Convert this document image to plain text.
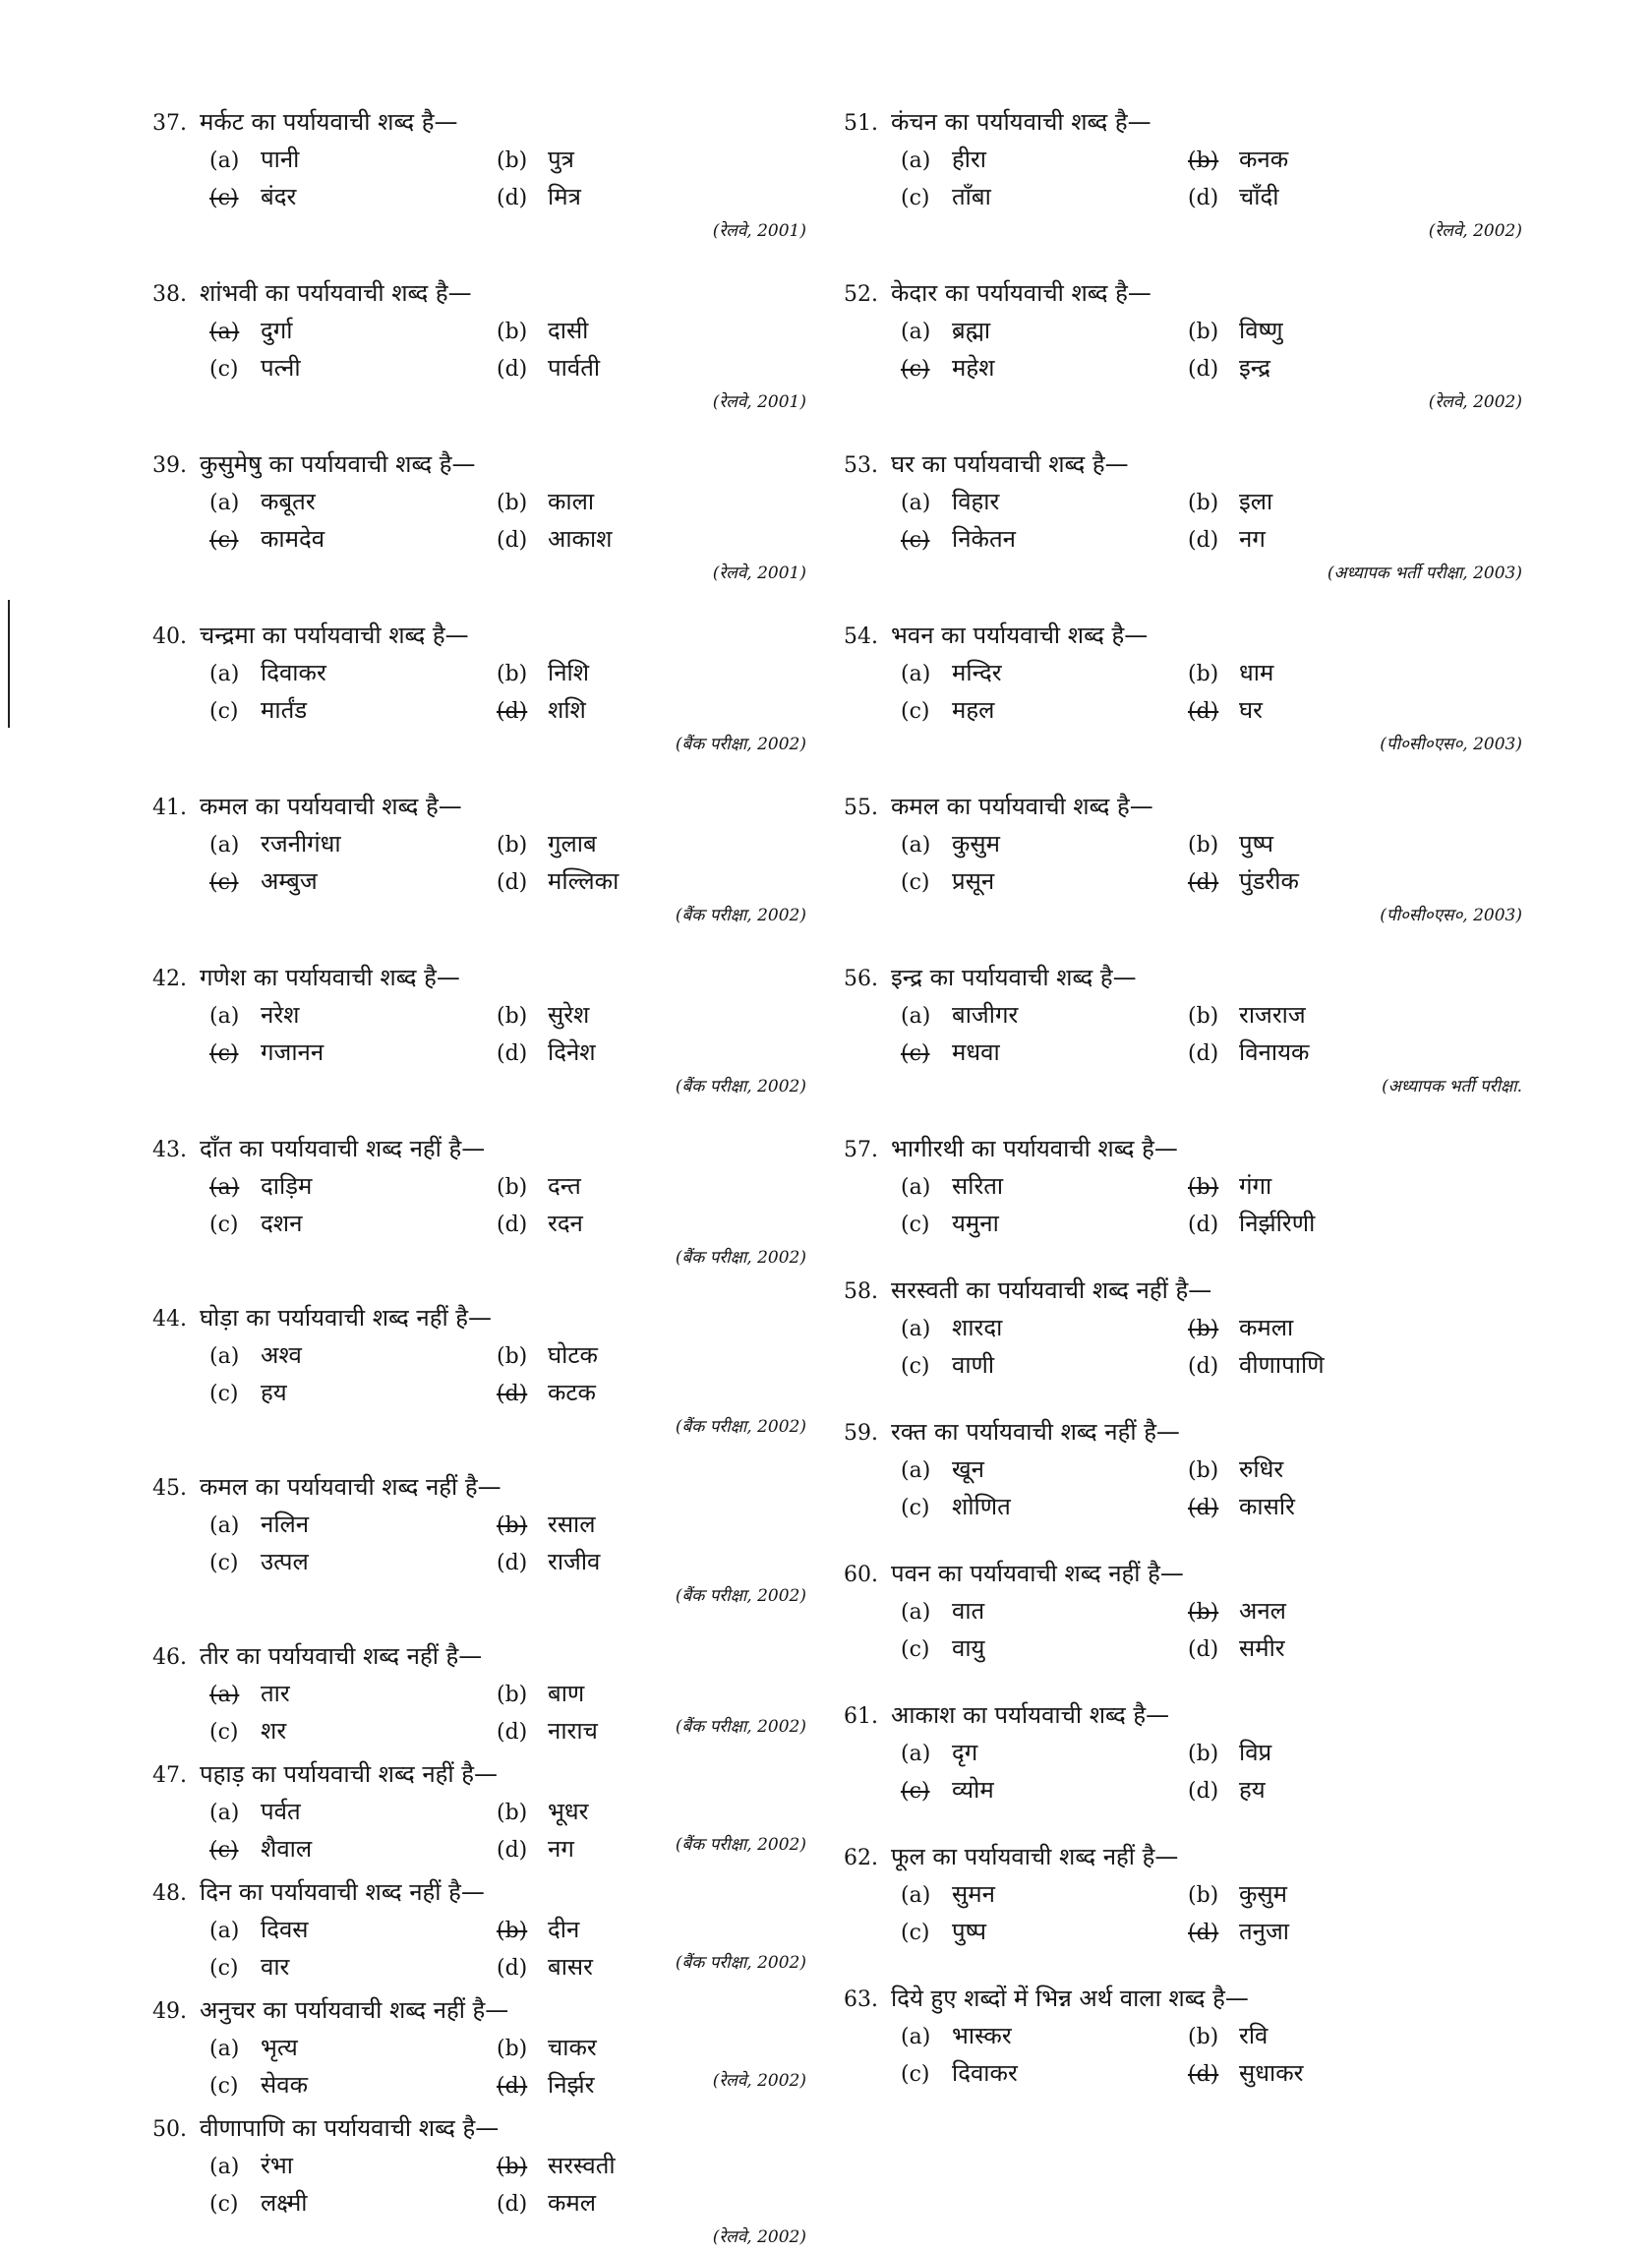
37. मर्कट का पर्यायवाची शब्द है—
(a) पानी	(b) पुत्र
(c) बंदर	(d) मित्र
(रेलवे, 2001)
38. शांभवी का पर्यायवाची शब्द है—
(a) दुर्गा	(b) दासी
(c) पत्नी	(d) पार्वती
(रेलवे, 2001)
39. कुसुमेषु का पर्यायवाची शब्द है—
(a) कबूतर	(b) काला
(c) कामदेव	(d) आकाश
(रेलवे, 2001)
40. चन्द्रमा का पर्यायवाची शब्द है—
(a) दिवाकर	(b) निशि
(c) मार्तंड	(d) शशि
(बैंक परीक्षा, 2002)
41. कमल का पर्यायवाची शब्द है—
(a) रजनीगंधा	(b) गुलाब
(c) अम्बुज	(d) मल्लिका
(बैंक परीक्षा, 2002)
42. गणेश का पर्यायवाची शब्द है—
(a) नरेश	(b) सुरेश
(c) गजानन	(d) दिनेश
(बैंक परीक्षा, 2002)
43. दाँत का पर्यायवाची शब्द नहीं है—
(a) दाड़िम	(b) दन्त
(c) दशन	(d) रदन
(बैंक परीक्षा, 2002)
44. घोड़ा का पर्यायवाची शब्द नहीं है—
(a) अश्व	(b) घोटक
(c) हय	(d) कटक
(बैंक परीक्षा, 2002)
45. कमल का पर्यायवाची शब्द नहीं है—
(a) नलिन	(b) रसाल
(c) उत्पल	(d) राजीव
(बैंक परीक्षा, 2002)
46. तीर का पर्यायवाची शब्द नहीं है—
(a) तार	(b) बाण
(c) शर	(d) नाराच	(बैंक परीक्षा, 2002)
47. पहाड़ का पर्यायवाची शब्द नहीं है—
(a) पर्वत	(b) भूधर
(c) शैवाल	(d) नग	(बैंक परीक्षा, 2002)
48. दिन का पर्यायवाची शब्द नहीं है—
(a) दिवस	(b) दीन
(c) वार	(d) बासर	(बैंक परीक्षा, 2002)
49. अनुचर का पर्यायवाची शब्द नहीं है—
(a) भृत्य	(b) चाकर
(c) सेवक	(d) निर्झर	(रेलवे, 2002)
50. वीणापाणि का पर्यायवाची शब्द है—
(a) रंभा	(b) सरस्वती
(c) लक्ष्मी	(d) कमल
(रेलवे, 2002)
51. कंचन का पर्यायवाची शब्द है—
(a) हीरा	(b) कनक
(c) ताँबा	(d) चाँदी
(रेलवे, 2002)
52. केदार का पर्यायवाची शब्द है—
(a) ब्रह्मा	(b) विष्णु
(c) महेश	(d) इन्द्र
(रेलवे, 2002)
53. घर का पर्यायवाची शब्द है—
(a) विहार	(b) इला
(c) निकेतन	(d) नग
(अध्यापक भर्ती परीक्षा, 2003)
54. भवन का पर्यायवाची शब्द है—
(a) मन्दिर	(b) धाम
(c) महल	(d) घर
(पी०सी०एस०, 2003)
55. कमल का पर्यायवाची शब्द है—
(a) कुसुम	(b) पुष्प
(c) प्रसून	(d) पुंडरीक
(पी०सी०एस०, 2003)
56. इन्द्र का पर्यायवाची शब्द है—
(a) बाजीगर	(b) राजराज
(c) मधवा	(d) विनायक
(अध्यापक भर्ती परीक्षा.
57. भागीरथी का पर्यायवाची शब्द है—
(a) सरिता	(b) गंगा
(c) यमुना	(d) निर्झरिणी
58. सरस्वती का पर्यायवाची शब्द नहीं है—
(a) शारदा	(b) कमला
(c) वाणी	(d) वीणापाणि
59. रक्त का पर्यायवाची शब्द नहीं है—
(a) खून	(b) रुधिर
(c) शोणित	(d) कासरि
60. पवन का पर्यायवाची शब्द नहीं है—
(a) वात	(b) अनल
(c) वायु	(d) समीर
61. आकाश का पर्यायवाची शब्द है—
(a) दृग	(b) विप्र
(c) व्योम	(d) हय
62. फूल का पर्यायवाची शब्द नहीं है—
(a) सुमन	(b) कुसुम
(c) पुष्प	(d) तनुजा
63. दिये हुए शब्दों में भिन्न अर्थ वाला शब्द है—
(a) भास्कर	(b) रवि
(c) दिवाकर	(d) सुधाकर
